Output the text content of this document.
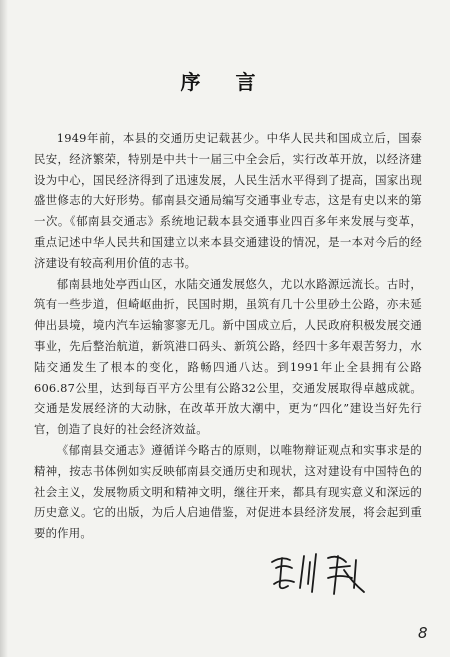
序 言

1949年前，本县的交通历史记载甚少。中华人民共和国成立后，国泰民安，经济繁荣，特别是中共十一届三中全会后，实行改革开放，以经济建设为中心，国民经济得到了迅速发展，人民生活水平得到了提高，国家出现盛世修志的大好形势。郁南县交通局编写交通事业专志，这是有史以来的第一次。《郁南县交通志》系统地记载本县交通事业四百多年来发展与变革，重点记述中华人民共和国建立以来本县交通建设的情况，是一本对今后的经济建设有较高利用价值的志书。

郁南县地处亭西山区，水陆交通发展悠久，尤以水路源远流长。古时，筑有一些步道，但崎岖曲折，民国时期，虽筑有几十公里砂土公路，亦未延伸出县境，境内汽车运输寥寥无几。新中国成立后，人民政府积极发展交通事业，先后整治航道，新筑港口码头、新筑公路，经四十多年艰苦努力，水陆交通发生了根本的变化，路畅四通八达。到1991年止全县拥有公路606.87公里，达到每百平方公里有公路32公里，交通发展取得卓越成就。交通是发展经济的大动脉，在改革开放大潮中，更为“四化”建设当好先行官，创造了良好的社会经济效益。

《郁南县交通志》遵循详今略古的原则，以唯物辩证观点和实事求是的精神，按志书体例如实反映郁南县交通历史和现状，这对建设有中国特色的社会主义，发展物质文明和精神文明，继往开来，都具有现实意义和深远的历史意义。它的出版，为后人启迪借鉴，对促进本县经济发展，将会起到重要的作用。

8
